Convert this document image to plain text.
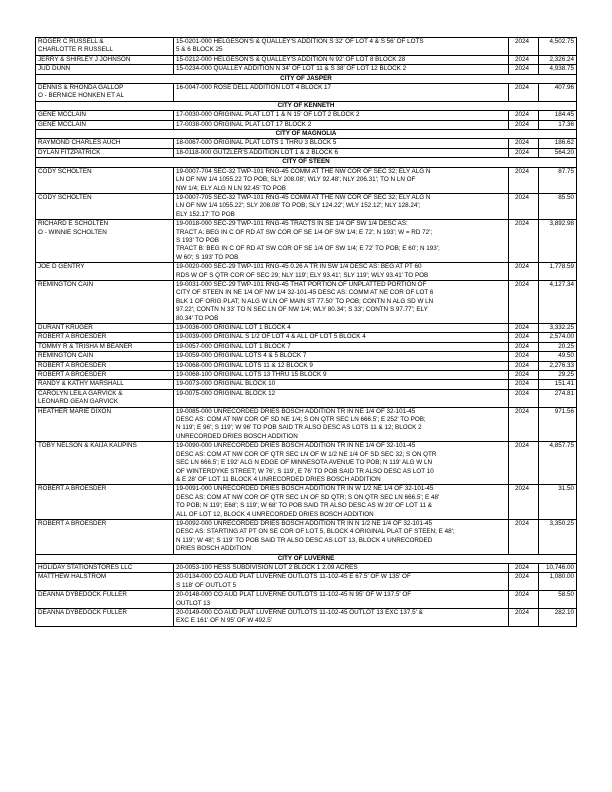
ROGER C RUSSELL &
CHARLOTTE R RUSSELL	15-0201-000 HELGESON'S & QUALLEY'S ADDITION S 32' OF LOT 4 & S 56' OF LOTS
5 & 6 BLOCK 25	2024	4,502.75
JERRY & SHIRLEY J JOHNSON	15-0212-000 HELGESON'S & QUALLEY'S ADDITION N 92' OF LOT 8 BLOCK 28	2024	2,326.24
JUD DUNN	15-0234-000 QUALLEY ADDITION N 34' OF LOT 11 & S 38' OF LOT 12 BLOCK 2	2024	4,938.75
CITY OF JASPER			
DENNIS & RHONDA GALLOP
O - BERNICE HONKEN ET AL	16-0047-000 ROSE DELL ADDITION LOT 4 BLOCK 17	2024	407.96
CITY OF KENNETH			
GENE MCCLAIN	17-0030-000 ORIGINAL PLAT LOT 1 & N 15' OF LOT 2 BLOCK 2	2024	184.45
GENE MCCLAIN	17-0038-000 ORIGINAL PLAT LOT 17 BLOCK 2	2024	17.36
CITY OF MAGNOLIA			
RAYMOND CHARLES AUCH	18-0067-000 ORIGINAL PLAT LOTS 1 THRU 3 BLOCK 5	2024	186.62
DYLAN FITZPATRICK	18-0118-000 GUTZLER'S ADDITION LOT 1 & 2 BLOCK 6	2024	564.20
CITY OF STEEN			
CODY SCHOLTEN	19-0007-704 SEC-32 TWP-101 RNG-45 COMM AT THE NW COR OF SEC 32; ELY ALG N
LN OF NW 1/4 1055.22 TO POB; SLY 208.08'; WLY 92.48'; NLY 206.31'; TO N LN OF
NW 1/4; ELY ALG N LN 92.45' TO POB	2024	87.75
CODY SCHOLTEN	19-0007-705 SEC-32 TWP-101 RNG-45 COMM AT THE NW COR OF SEC 32; ELY ALG N
LN OF NW 1/4 1055.22'; SLY 208.08' TO POB; SLY 124.22'; WLY 152.12'; NLY 128.24';
ELY 152.17' TO POB	2024	85.50
RICHARD E SCHOLTEN
O - WINNIE SCHOLTEN	19-0018-000 SEC-29 TWP-101 RNG-45 TRACTS IN SE 1/4 OF SW 1/4 DESC AS:
TRACT A: BEG IN C OF RD AT SW COR OF SE 1/4 OF SW 1/4; E 72'; N 193'; W = RD 72';
S 193' TO POB
TRACT B: BEG IN C OF RD AT SW COR OF SE 1/4 OF SW 1/4; E 72' TO POB; E 60'; N 193';
W 60'; S 193' TO POB	2024	3,892.98
JOE D GENTRY	19-0020-000 SEC-29 TWP-101 RNG-45 0.26 A TR IN SW 1/4 DESC AS: BEG AT PT 60
RDS W OF S QTR COR OF SEC 29; NLY 119'; ELY 93.41'; SLY 119'; WLY 93.41' TO POB	2024	1,778.59
REMINGTON CAIN	19-0031-000 SEC-29 TWP-101 RNG-45 THAT PORTION OF UNPLATTED PORTION OF
CITY OF STEEN IN NE 1/4 OF NW 1/4 32-101-45 DESC AS: COMM AT NE COR OF LOT 6
BLK 1 OF ORIG PLAT; N ALG W LN OF MAIN ST 77.50' TO POB; CONTN N ALG SD W LN
97.22'; CONTN N 33' TO N SEC LN OF NW 1/4; WLY 80.34'; S 33'; CONTN S 97.77'; ELY
80.34' TO POB	2024	4,127.34
DURANT KRUGER	19-0036-000 ORIGINAL LOT 1 BLOCK 4	2024	3,332.25
ROBERT A BROESDER	19-0039-000 ORIGINAL S 1/2 OF LOT 4 & ALL OF LOT 5 BLOCK 4	2024	2,574.00
TOMMY R & TRISHA M BEANER	19-0057-000 ORIGINAL LOT 1 BLOCK 7	2024	20.25
REMINGTON CAIN	19-0059-000 ORIGINAL LOTS 4 & 5 BLOCK 7	2024	49.50
ROBERT A BROESDER	19-0068-000 ORIGINAL LOTS 11 & 12 BLOCK 9	2024	2,276.33
ROBERT A BROESDER	19-0068-100 ORIGINAL LOTS 13 THRU 15 BLOCK 9	2024	29.25
RANDY & KATHY MARSHALL	19-0073-000 ORIGINAL BLOCK 10	2024	151.41
CAROLYN LEILA GARVICK &
LEONARD GEAN GARVICK	19-0075-000 ORIGINAL BLOCK 12	2024	274.81
HEATHER MARIE DIXON	19-0085-000 UNRECORDED DRIES BOSCH ADDITION TR IN NE 1/4 OF 32-101-45
DESC AS: COM AT NW COR OF SD NE 1/4; S ON QTR SEC LN 666.5'; E 252' TO POB;
N 119'; E 96'; S 119'; W 96' TO POB SAID TR ALSO DESC AS LOTS 11 & 12; BLOCK 2
UNRECORDED DRIES BOSCH ADDITION	2024	971.56
TOBY NELSON & KAIJA KAUPINS	19-0090-000 UNRECORDED DRIES BOSCH ADDITION TR IN NE 1/4 OF 32-101-45
DESC AS: COM AT NW COR OF QTR SEC LN OF W 1/2 NE 1/4 OF SD SEC 32; S ON QTR
SEC LN 666.5'; E 192' ALG N EDGE OF MINNESOTA AVENUE TO POB; N 119' ALG W LN
OF WINTERDYKE STREET; W 76', S 119', E 76' TO POB SAID TR ALSO DESC AS LOT 10
& E 28' OF LOT 11 BLOCK 4 UNRECORDED DRIES BOSCH ADDITION	2024	4,857.75
ROBERT A BROESDER	19-0091-000 UNRECORDED DRIES BOSCH ADDITION TR IN W 1/2 NE 1/4 OF 32-101-45
DESC AS: COM AT NW COR OF QTR SEC LN OF SD QTR; S ON QTR SEC LN 666.5'; E 48'
TO POB; N 119'; E68'; S 119'; W 68' TO POB SAID TR ALSO DESC AS W 20' OF LOT 11 &
ALL OF LOT 12, BLOCK 4 UNRECORDED DRIES BOSCH ADDITION	2024	31.50
ROBERT A BROESDER	19-0092-000 UNRECORDED DRIES BOSCH ADDITION TR IN N 1/2 NE 1/4 OF 32-101-45
DESC AS: STARTING AT PT ON SE COR OF LOT 5, BLOCK 4 ORIGINAL PLAT OF STEEN; E 48';
N 119'; W 48'; S 119' TO POB SAID TR ALSO DESC AS LOT 13, BLOCK 4 UNRECORDED
DRIES BOSCH ADDITION	2024	3,350.25
CITY OF LUVERNE			
HOLIDAY STATIONSTORES LLC	20-0053-100 HESS SUBDIVISION LOT 2 BLOCK 1 2.09 ACRES	2024	10,746.00
MATTHEW HALSTROM	20-0134-000 CO AUD PLAT LUVERNE OUTLOTS 11-102-45 E 67.5' OF W 135' OF
S 118' OF OUTLOT 5	2024	1,080.00
DEANNA DYBEDOCK FULLER	20-0148-000 CO AUD PLAT LUVERNE OUTLOTS 11-102-45 N 95' OF W 137.5' OF
OUTLOT 13	2024	58.50
DEANNA DYBEDOCK FULLER	20-0149-000 CO AUD PLAT LUVERNE OUTLOTS 11-102-45 OUTLOT 13 EXC 137.5' &
EXC E 161' OF N 95' OF W 492.5'	2024	282.10
